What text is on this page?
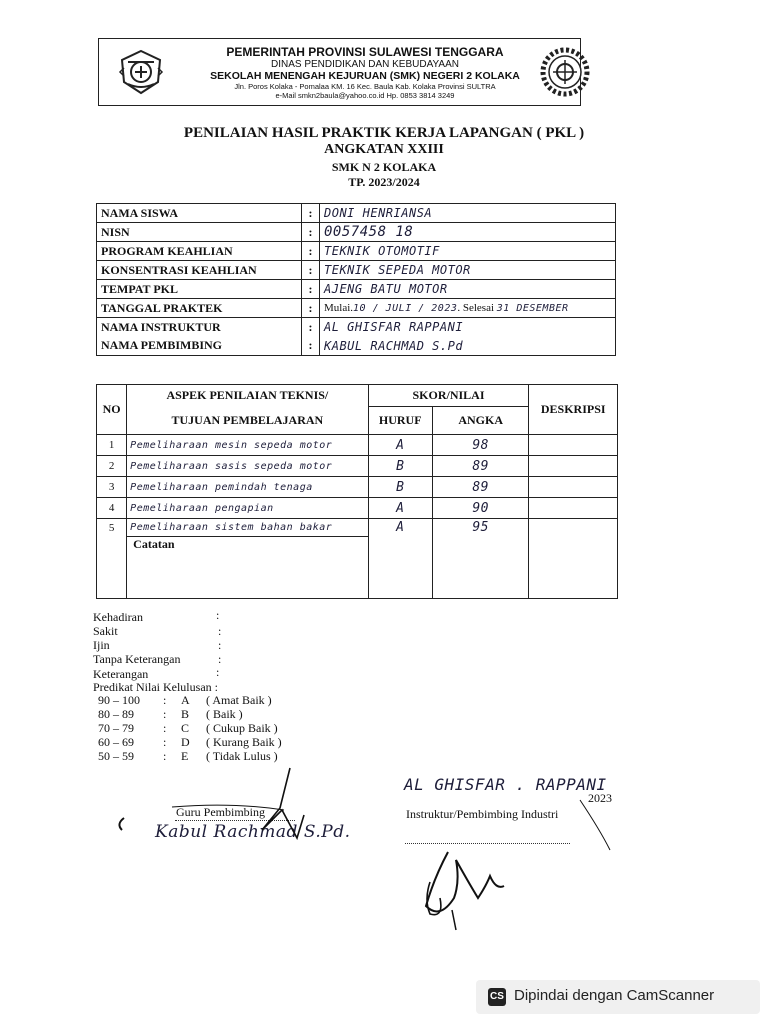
PEMERINTAH PROVINSI SULAWESI TENGGARA
DINAS PENDIDIKAN DAN KEBUDAYAAN
SEKOLAH MENENGAH KEJURUAN (SMK) NEGERI 2 KOLAKA
Jln. Poros Kolaka - Pomalaa KM. 16 Kec. Baula Kab. Kolaka Provinsi SULTRA
e-Mail smkn2baula@yahoo.co.id Hp. 0853 3814 3249
PENILAIAN HASIL PRAKTIK KERJA LAPANGAN ( PKL )
ANGKATAN XXIII
SMK N 2 KOLAKA
TP. 2023/2024
NAMA SISWA	:	DONI HENRIANSA
NISN	:	0057458 18
PROGRAM KEAHLIAN	:	TEKNIK OTOMOTIF
KONSENTRASI KEAHLIAN	:	TEKNIK SEPEDA MOTOR
TEMPAT PKL	:	AJENG BATU MOTOR
TANGGAL PRAKTEK	:	Mulai.10 / JULI / 2023. Selesai 31 DESEMBER
NAMA INSTRUKTUR	:	AL GHISFAR RAPPANI
NAMA PEMBIMBING	:	KABUL RACHMAD S.Pd
NO	ASPEK PENILAIAN TEKNIS/	SKOR/NILAI		DESKRIPSI
	TUJUAN PEMBELAJARAN	HURUF	ANGKA	
1	Pemeliharaan mesin sepeda motor	A	98	
2	Pemeliharaan sasis sepeda motor	B	89	
3	Pemeliharaan pemindah tenaga	B	89	
4	Pemeliharaan pengapian	A	90	
5	Pemeliharaan sistem bahan bakar	A	95	
	Catatan			
Kehadiran	:
Sakit	:
Ijin	:
Tanpa Keterangan	:
Keterangan	:
Predikat Nilai Kelulusan :
90 – 100 : A ( Amat Baik )
80 – 89 : B ( Baik )
70 – 79 : C ( Cukup Baik )
60 – 69 : D ( Kurang Baik )
50 – 59 : E ( Tidak Lulus )
Guru Pembimbing
Kabul Rachmad S.Pd.
AL GHISFAR . RAPPANI
2023
Instruktur/Pembimbing Industri
CS Dipindai dengan CamScanner
